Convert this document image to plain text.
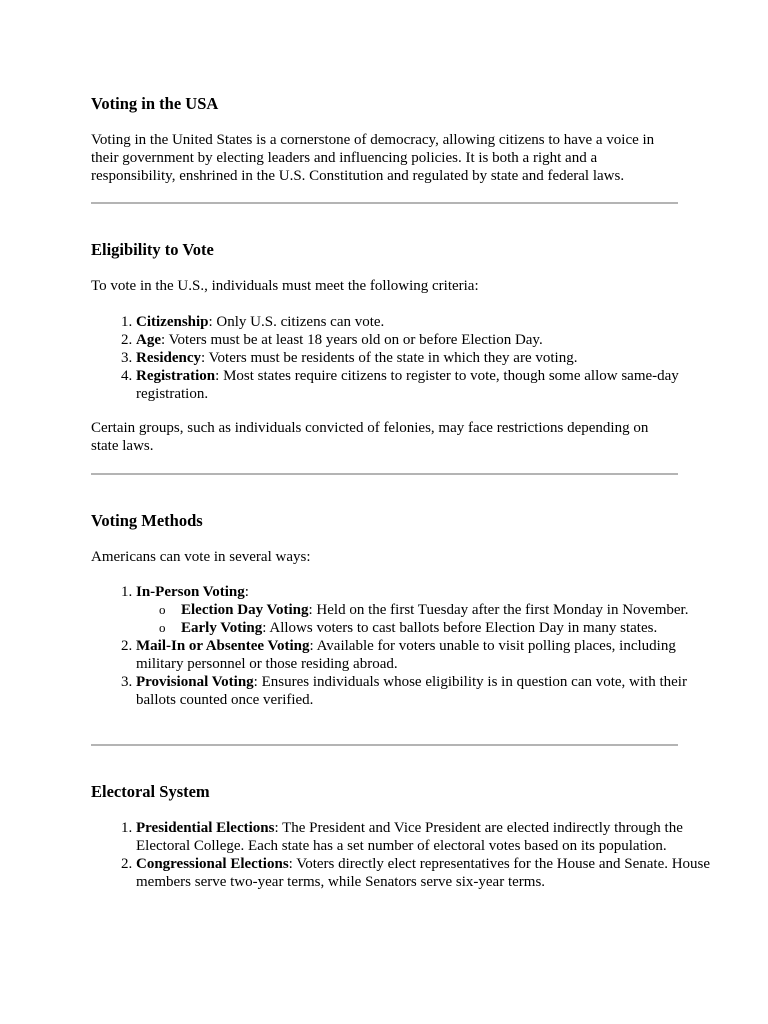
Voting in the USA

Voting in the United States is a cornerstone of democracy, allowing citizens to have a voice in their government by electing leaders and influencing policies. It is both a right and a responsibility, enshrined in the U.S. Constitution and regulated by state and federal laws.

Eligibility to Vote

To vote in the U.S., individuals must meet the following criteria:

1. Citizenship: Only U.S. citizens can vote.
2. Age: Voters must be at least 18 years old on or before Election Day.
3. Residency: Voters must be residents of the state in which they are voting.
4. Registration: Most states require citizens to register to vote, though some allow same-day registration.

Certain groups, such as individuals convicted of felonies, may face restrictions depending on state laws.

Voting Methods

Americans can vote in several ways:

1. In-Person Voting:
o Election Day Voting: Held on the first Tuesday after the first Monday in November.
o Early Voting: Allows voters to cast ballots before Election Day in many states.
2. Mail-In or Absentee Voting: Available for voters unable to visit polling places, including military personnel or those residing abroad.
3. Provisional Voting: Ensures individuals whose eligibility is in question can vote, with their ballots counted once verified.
Electoral System
1. Presidential Elections: The President and Vice President are elected indirectly through the Electoral College. Each state has a set number of electoral votes based on its population.
2. Congressional Elections: Voters directly elect representatives for the House and Senate. House members serve two-year terms, while Senators serve six-year terms.
